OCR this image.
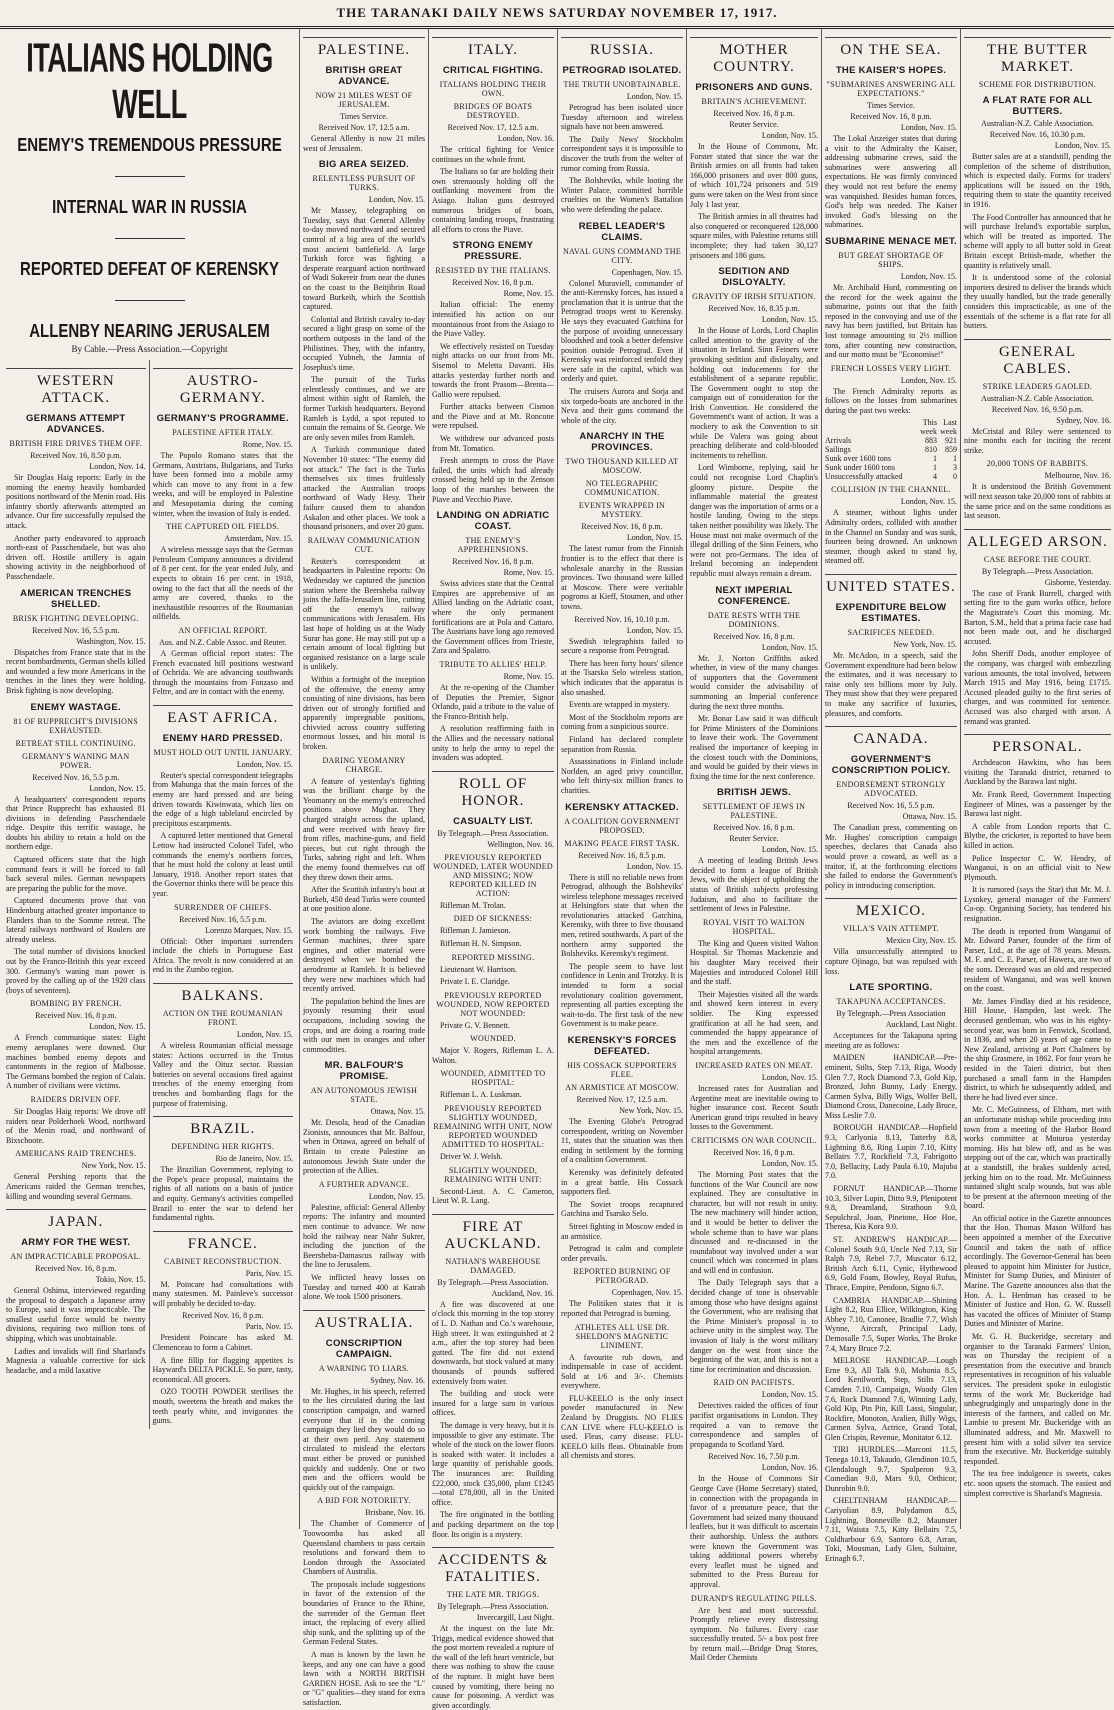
THE TARANAKI DAILY NEWS SATURDAY NOVEMBER 17, 1917.
ITALIANS HOLDING WELL
ENEMY'S TREMENDOUS PRESSURE
INTERNAL WAR IN RUSSIA
REPORTED DEFEAT OF KERENSKY
ALLENBY NEARING JERUSALEM
By Cable.—Press Association.—Copyright
WESTERN ATTACK.
GERMANS ATTEMPT ADVANCES.
BRITISH FIRE DRIVES THEM OFF.
Received Nov. 16, 8.50 p.m.
London, Nov. 14.

Sir Douglas Haig reports: Early in the morning the enemy heavily bombarded positions northward of the Menin road. His infantry shortly afterwards attempted an advance. Our fire successfully repulsed the attack.

Another party endeavored to approach north-east of Passchendaele, but was also driven off. Hostile artillery is again showing activity in the neighborhood of Passchendaele.

AMERICAN TRENCHES SHELLED.
BRISK FIGHTING DEVELOPING.
Received Nov. 16, 5.5 p.m.
Washington, Nov. 15.

Dispatches from France state that in the recent bombardments, German shells killed and wounded a few more Americans in the trenches in the lines they were holding. Brisk fighting is now developing.

ENEMY WASTAGE.
81 OF RUPPRECHT'S DIVISIONS EXHAUSTED.
RETREAT STILL CONTINUING.
GERMANY'S WANING MAN POWER.
Received Nov. 16, 5.5 p.m.
London, Nov. 15.

A headquarters' correspondent reports that Prince Rupprecht has exhausted 81 divisions in defending Passchendaele ridge. Despite this terrific wastage, he doubts his ability to retain a hold on the northern edge.

Captured officers state that the high command fears it will be forced to fall back several miles. German newspapers are preparing the public for the move.

Captured documents prove that von Hindenburg attached greater importance to Flanders than to the Somme retreat. The lateral railways northward of Roulers are already useless.

The total number of divisions knocked out by the Franco-British this year exceed 300. Germany's waning man power is proved by the calling up of the 1920 class (boys of seventeen).

BOMBING BY FRENCH.
Received Nov. 16, 8 p.m.
London, Nov. 15.

A French communique states: Eight enemy aeroplanes were downed. Our machines bombed enemy depots and cantonments in the region of Malbosse. The Germans bombed the region of Calais. A number of civilians were victims.

RAIDERS DRIVEN OFF.

Sir Douglas Haig reports: We drove off raiders near Polderhoek Wood, northward of the Menin road, and northward of Bixschoote.

AMERICANS RAID TRENCHES.
New York, Nov. 15.

General Pershing reports that the Americans raided the German trenches, killing and wounding several Germans.

JAPAN.
ARMY FOR THE WEST.
AN IMPRACTICABLE PROPOSAL.
Received Nov. 16, 8 p.m.
Tokio, Nov. 15.

General Oshima, interviewed regarding the proposal to despatch a Japanese army to Europe, said it was impracticable. The smallest useful force would be twenty divisions, requiring two million tons of shipping, which was unobtainable.

Ladies and invalids will find Sharland's Magnesia a valuable corrective for sick headache, and a mild laxative

AUSTRO-GERMANY.
GERMANY'S PROGRAMME.
PALESTINE AFTER ITALY.
Rome, Nov. 15.

The Popolo Romano states that the Germans, Austrians, Bulgarians, and Turks have been formed into a mobile army which can move to any front in a few weeks, and will be employed in Palestine and Mesopotamia during the coming winter, when the invasion of Italy is ended.

THE CAPTURED OIL FIELDS.
Amsterdam, Nov. 15.

A wireless message says that the German Petroleum Company announces a dividend of 8 per cent. for the year ended July, and expects to obtain 16 per cent. in 1918, owing to the fact that all the needs of the army are covered, thanks to the inexhaustible resources of the Roumanian oilfields.

AN OFFICIAL REPORT.
Aus. and N.Z. Cable Assoc. and Reuter.

A German official report states: The French evacuated hill positions westward of Ochrida. We are advancing southwards through the mountains from Fonzaso and Feltre, and are in contact with the enemy.

EAST AFRICA.
ENEMY HARD PRESSED.
MUST HOLD OUT UNTIL JANUARY.
London, Nov. 15.

Reuter's special correspondent telegraphs from Mahunga that the main forces of the enemy are hard pressed and are being driven towards Kiwinwata, which lies on the edge of a high tableland encircled by precipitous escarpments.

A captured letter mentioned that General Lettow had instructed Colonel Tafel, who commands the enemy's northern forces, that he must hold the colony at least until January, 1918. Another report states that the Governor thinks there will be peace this year.

SURRENDER OF CHIEFS.
Received Nov. 16, 5.5 p.m.
Lorenzo Marques, Nov. 15.

Official: Other important surrenders include the chiefs in Portuguese East Africa. The revolt is now considered at an end in the Zumbo region.

BALKANS.
ACTION ON THE ROUMANIAN FRONT.
London, Nov. 15.

A wireless Roumanian official message states: Actions occurred in the Trotus Valley and the Oituz sector. Russian batteries on several occasions fired against trenches of the enemy emerging from trenches and bombarding flags for the purpose of fraternising.

BRAZIL.
DEFENDING HER RIGHTS.
Rio de Janeiro, Nov. 15.

The Brazilian Government, replying to the Pope's peace proposal, maintains the rights of all nations on a basis of justice and equity. Germany's activities compelled Brazil to enter the war to defend her fundamental rights.

FRANCE.
CABINET RECONSTRUCTION.
Paris, Nov. 15.

M. Poincare had consultations with many statesmen. M. Painleve's successor will probably be decided to-day.

Received Nov. 16, 8 p.m.
Paris, Nov. 15.

President Poincare has asked M. Clemenceau to form a Cabinet.

A fine fillip for flagging appetites is Hayward's DELTA PICKLE. So pure, tasty, economical. All grocers.

OZO TOOTH POWDER sterilises the mouth, sweetens the breath and makes the teeth pearly white, and invigorates the gums.

PALESTINE.
BRITISH GREAT ADVANCE.
NOW 21 MILES WEST OF JERUSALEM.
Times Service.
Received Nov. 17, 12.5 a.m.

General Allenby is now 21 miles west of Jerusalem.

BIG AREA SEIZED.
RELENTLESS PURSUIT OF TURKS.
London, Nov. 15.

Mr Massey, telegraphing on Tuesday, says that General Allenby to-day moved northward and secured control of a big area of the world's most ancient battlefield. A large Turkish force was fighting a desperate rearguard action northward of Wadi Sukereir from near the dunes on the coast to the Beitjibrin Road toward Burkeih, which the Scottish captured.

Colonial and British cavalry to-day secured a light grasp on some of the northern outposts in the land of the Philistines. They, with the infantry, occupied Yubneh, the Jamnia of Josephus's time.

The pursuit of the Turks relentlessly continues, and we are almost within sight of Ramleh, the former Turkish headquarters. Beyond Ramleh is Lydd, a spot reputed to contain the remains of St. George. We are only seven miles from Ramleh.

A Turkish communique dated November 10 states: "The enemy did not attack." The fact is the Turks themselves six times fruitlessly attacked the Australian troops northward of Wady Hesy. Their failure caused them to abandon Askalon and other places. We took a thousand prisoners, and over 20 guns.

RAILWAY COMMUNICATION CUT.

Reuter's correspondent at headquarters in Palestine reports: On Wednesday we captured the junction station where the Beersheba railway joins the Jaffa-Jerusalem line, cutting off the enemy's railway communications with Jerusalem. His last hope of holding us at the Wady Surar has gone. He may still put up a certain amount of local fighting but organised resistance on a large scale is unlikely.

Within a fortnight of the inception of the offensive, the enemy army consisting of nine divisions, has been driven out of strongly fortified and apparently impregnable positions, chivvied across country suffering enormous losses, and his moral is broken.

DARING YEOMANRY CHARGE.

A feature of yesterday's fighting was the brilliant charge by the Yeomanry on the enemy's entrenched positions above Mughar. They charged straight across the upland, and were received with heavy fire from rifles, machine-guns, and field pieces, but cut right through the Turks, sabring right and left. When the enemy found themselves cut off they threw down their arms.

After the Scottish infantry's bout at Burkeh, 450 dead Turks were counted at one position alone.

The aviators are doing excellent work bombing the railways. Five German machines, three spare engines, and other material were destroyed when we bombed the aerodrome at Ramleh. It is believed they were new machines which had recently arrived.

The population behind the lines are joyously resuming their usual occupations, including sowing the crops, and are doing a roaring trade with our men in oranges and other commodities.

MR. BALFOUR'S PROMISE.
AN AUTONOMOUS JEWISH STATE.
Ottawa, Nov. 15.

Mr. Desola, head of the Canadian Zionists, announces that Mr. Balfour, when in Ottawa, agreed on behalf of Britain to create Palestine an autonomous Jewish State under the protection of the Allies.

A FURTHER ADVANCE.
London, Nov. 15.

Palestine, official: General Allenby reports: The infantry and mounted men continue to advance. We now hold the railway near Nahr Sukrer, including the junction of the Beersheba-Damascus railway with the line to Jerusalem.

We inflicted heavy losses on Tuesday and turned 400 at Katrah alone. We took 1500 prisoners.

AUSTRALIA.
CONSCRIPTION CAMPAIGN.
A WARNING TO LIARS.
Sydney, Nov. 16.

Mr. Hughes, in his speech, referred to the lies circulated during the last conscription campaign, and warned everyone that if in the coming campaign they lied they would do so at their own peril. Any statement circulated to mislead the electors must either be proved or punished quickly and suddenly. One or two men and the officers would be quickly out of the campaign.

A BID FOR NOTORIETY.
Brisbane, Nov. 16.

The Chamber of Commerce of Toowoomba has asked all Queensland chambers to pass certain resolutions and forward them to London through the Associated Chambers of Australia.

The proposals include suggestions in favor of the extension of the boundaries of France to the Rhine, the surrender of the German fleet intact, the replacing of every allied ship sunk, and the splitting up of the German Federal States.

A man is known by the lawn he keeps, and any one can have a good lawn with a NORTH BRITISH GARDEN HOSE. Ask to see the "L" or "G" qualities—they stand for extra satisfaction.

ITALY.
CRITICAL FIGHTING.
ITALIANS HOLDING THEIR OWN.
BRIDGES OF BOATS DESTROYED.
Received Nov. 17, 12.5 a.m.
London, Nov. 16.

The critical fighting for Venice continues on the whole front.

The Italians so far are holding their own strenuously holding off the outflanking movement from the Asiago. Italian guns destroyed numerous bridges of boats, containing landing troops, frustrating all efforts to cross the Piave.

STRONG ENEMY PRESSURE.
RESISTED BY THE ITALIANS.
Received Nov. 16, 8 p.m.
Rome, Nov. 15.

Italian official: The enemy intensified his action on our mountainous front from the Asiago to the Piave Valley.

We effectively resisted on Tuesday night attacks on our front from Mt. Sisemol to Meletta Davanti. His attacks yesterday further north and towards the front Prasom—Brenta—Gallio were repulsed.

Further attacks between Cismon and the Piave and at Mt. Roncone were repulsed.

We withdrew our advanced posts from Mt. Tomatico.

Fresh attempts to cross the Piave failed, the units which had already crossed being held up in the Zenson loop of the marshes between the Piave and Vecchio Piave.

LANDING ON ADRIATIC COAST.
THE ENEMY'S APPREHENSIONS.
Received Nov. 16, 8 p.m.
Rome, Nov. 15.

Swiss advices state that the Central Empires are apprehensive of an Allied landing on the Adriatic coast, where the only permanent fortifications are at Pola and Cattaro. The Austrians have long ago removed the Government offices from Trieste, Zara and Spalatro.

TRIBUTE TO ALLIES' HELP.
Rome, Nov. 15.

At the re-opening of the Chamber of Deputies the Premier, Signor Orlando, paid a tribute to the value of the Franco-British help.

A resolution reaffirming faith in the Allies and the necessary national unity to help the army to repel the invaders was adopted.

ROLL OF HONOR.
CASUALTY LIST.
By Telegraph.—Press Association.
Wellington, Nov. 16.
PREVIOUSLY REPORTED WOUNDED, LATER WOUNDED AND MISSING; NOW REPORTED KILLED IN ACTION:

Rifleman M. Trolan.

DIED OF SICKNESS:

Rifleman J. Jamieson.

Rifleman H. N. Simpson.

REPORTED MISSING.

Lieutenant W. Harrison.

Private I. E. Claridge.

PREVIOUSLY REPORTED WOUNDED, NOW REPORTED NOT WOUNDED:

Private G. V. Bennett.

WOUNDED.

Major V. Rogers, Rifleman L. A. Walton.

WOUNDED, ADMITTED TO HOSPITAL:

Rifleman L. A. Luskman.

PREVIOUSLY REPORTED SLIGHTLY WOUNDED, REMAINING WITH UNIT, NOW REPORTED WOUNDED ADMITTED TO HOSPITAL:

Driver W. J. Welsh.

SLIGHTLY WOUNDED, REMAINING WITH UNIT:

Second-Lieut. A. C. Cameron, Lieut W. R. Lang.

FIRE AT AUCKLAND.
NATHAN'S WAREHOUSE DAMAGED.
By Telegraph.—Press Association.
Auckland, Nov. 16.

A fire was discovered at one o'clock this morning in the top storey of L. D. Nathan and Co.'s warehouse, High street. It was extinguished at 2 a.m., after the top storey had been gutted. The fire did not extend downwards, but stock valued at many thousands of pounds suffered extensively from water.

The building and stock were insured for a large sum in various offices.

The damage is very heavy, but it is impossible to give any estimate. The whole of the stock on the lower floors is soaked with water. It includes a large quantity of perishable goods. The insurances are: Building £22,000, stock £35,000, plant £1245—total £78,000, all in the United office.

The fire originated in the bottling and packing department on the top floor. Its origin is a mystery.

ACCIDENTS & FATALITIES.
THE LATE MR. TRIGGS.
By Telegraph.—Press Association.
Invercargill, Last Night.

At the inquest on the late Mr. Triggs, medical evidence showed that the post mortem revealed a rupture of the wall of the left heart ventricle, but there was nothing to show the cause of the rupture. It might have been caused by vomiting, there being no cause for poisoning. A verdict was given accordingly.

RUSSIA.
PETROGRAD ISOLATED.
THE TRUTH UNOBTAINABLE.
London, Nov. 15.

Petrograd has been isolated since Tuesday afternoon and wireless signals have not been answered.

The Daily News' Stockholm correspondent says it is impossible to discover the truth from the welter of rumor coming from Russia.

The Bolsheviks, while looting the Winter Palace, committed horrible cruelties on the Women's Battalion who were defending the palace.

REBEL LEADER'S CLAIMS.
NAVAL GUNS COMMAND THE CITY.
Copenhagen, Nov. 15.

Colonel Muraviell, commander of the anti-Kerensky forces, has issued a proclamation that it is untrue that the Petrograd troops went to Kerensky. He says they evacuated Gatchina for the purpose of avoiding unnecessary bloodshed and took a better defensive position outside Petrograd. Even if Kerensky was reinforced tenfold they were safe in the capital, which was orderly and quiet.

The cruisers Aurora and Sorja and six torpedo-boats are anchored in the Neva and their guns command the whole of the city.

ANARCHY IN THE PROVINCES.
TWO THOUSAND KILLED AT MOSCOW.
NO TELEGRAPHIC COMMUNICATION.
EVENTS WRAPPED IN MYSTERY.
Received Nov. 16, 8 p.m.
London, Nov. 15.

The latest rumor from the Finnish frontier is to the effect that there is wholesale anarchy in the Russian provinces. Two thousand were killed at Moscow. There were veritable pogroms at Kieff, Stoumen, and other towns.

Received Nov. 16, 10.10 p.m.
London, Nov. 15.

Swedish telegraphists failed to secure a response from Petrograd.

There has been forty hours' silence at the Tsarsko Selo wireless station, which indicates that the apparatus is also smashed.

Events are wrapped in mystery.

Most of the Stockholm reports are coming from a suspicious source.

Finland has declared complete separation from Russia.

Assassinations in Finland include Norlden, an aged privy councillor, who left thirty-six million francs to charities.

KERENSKY ATTACKED.
A COALITION GOVERNMENT PROPOSED.
MAKING PEACE FIRST TASK.
Received Nov. 16, 8.5 p.m.
London, Nov. 15.

There is still no reliable news from Petrograd, although the Bolsheviks' wireless telephone messages received at Helsingfors state that when the revolutionaries attacked Gatchina, Kerensky, with three to five thousand men, retired southwards. A part of the northern army supported the Bolsheviks. Kerensky's regiment.

The people seem to have lost confidence in Lenin and Trotzky. It is intended to form a social revolutionary coalition government, representing all parties excepting the wait-to-do. The first task of the new Government is to make peace.

KERENSKY'S FORCES DEFEATED.
HIS COSSACK SUPPORTERS FLEE.
AN ARMISTICE AT MOSCOW.
Received Nov. 17, 12.5 a.m.
New York, Nov. 15.

The Evening Globe's Petrograd correspondent, writing on November 11, states that the situation was then ending in settlement by the forming of a coalition Government.

Kerensky was definitely defeated in a great battle. His Cossack supporters fled.

The Soviet troops recaptured Gatchina and Tsarsko Selo.

Street fighting in Moscow ended in an armistice.

Petrograd is calm and complete order prevails.

REPORTED BURNING OF PETROGRAD.
Copenhagen, Nov. 15.

The Politiken states that it is reported that Petrograd is burning.

ATHLETES ALL USE DR. SHELDON'S MAGNETIC LINIMENT.

A favourite rub down, and indispensable in case of accident. Sold at 1/6 and 3/-. Chemists everywhere.

FLU-KEELO is the only insect powder manufactured in New Zealand by Druggists. NO FLIES CAN LIVE where FLU-KEELO is used. Fleas, carry disease. FLU-KEELO kills fleas. Obtainable from all chemists and stores.

MOTHER COUNTRY.
PRISONERS AND GUNS.
BRITAIN'S ACHIEVEMENT.
Received Nov. 16, 8 p.m.
Reuter Service.
London, Nov. 15.

In the House of Commons, Mr. Forster stated that since the war the British armies on all fronts had taken 166,000 prisoners and over 800 guns, of which 101,724 prisoners and 519 guns were taken on the West front since July 1 last year.

The British armies in all theatres had also conquered or reconquered 128,000 square miles, with Palestine returns still incomplete; they had taken 30,127 prisoners and 186 guns.

SEDITION AND DISLOYALTY.
GRAVITY OF IRISH SITUATION.
Received Nov. 16, 8.35 p.m.
London, Nov. 15.

In the House of Lords, Lord Chaplin called attention to the gravity of the situation in Ireland. Sinn Feiners were provoking sedition and disloyalty, and holding out inducements for the establishment of a separate republic. The Government ought to stop the campaign out of consideration for the Irish Convention. He considered the Government's want of action. It was a mockery to ask the Convention to sit while De Valera was going about preaching deliberate and cold-blooded incitements to rebellion.

Lord Wimborne, replying, said he could not recognise Lord Chaplin's gloomy picture. Despite the inflammable material the greatest danger was the importation of arms or a hostile landing. Owing to the steps taken neither possibility was likely. The House must not make overmuch of the illegal drilling of the Sinn Feiners, who were not pro-Germans. The idea of Ireland becoming an independent republic must always remain a dream.

NEXT IMPERIAL CONFERENCE.
DATE RESTS WITH THE DOMINIONS.
Received Nov. 16, 8 p.m.
London, Nov. 15.

Mr. J. Norton Griffiths asked whether, in view of the many changes of supporters that the Government would consider the advisability of summoning an Imperial conference during the next three months.

Mr. Bonar Law said it was difficult for Prime Ministers of the Dominions to leave their work. The Government realised the importance of keeping in the closest touch with the Dominions, and would be guided by their views in fixing the time for the next conference.

BRITISH JEWS.
SETTLEMENT OF JEWS IN PALESTINE.
Received Nov. 16, 8 p.m.
Reuter Service.
London, Nov. 15.

A meeting of leading British Jews decided to form a league of British Jews, with the object of upholding the status of British subjects professing Judaism, and also to facilitate the settlement of Jews in Palestine.

ROYAL VISIT TO WALTON HOSPITAL.

The King and Queen visited Walton Hospital. Sir Thomas Mackenzie and his daughter Mary received their Majesties and introduced Colonel Hill and the staff.

Their Majesties visited all the wards and showed keen interest in every soldier. The King expressed gratification at all he had seen, and commended the happy appearance of the men and the excellence of the hospital arrangements.

INCREASED RATES ON MEAT.
London, Nov. 15.

Increased rates for Australian and Argentine meat are inevitable owing to higher insurance cost. Recent South American grand trips resulted in heavy losses to the Government.

CRITICISMS ON WAR COUNCIL.
Received Nov. 16, 8 p.m.
London, Nov. 15.

The Morning Post states that the functions of the War Council are now explained. They are consultative in character, but will not result in unity. The new machinery will hinder action, and it would be better to deliver the whole scheme than to have war plans discussed and re-discussed in the roundabout way involved under a war council which was concerned in plans and will end in confusion.

The Daily Telegraph says that a decided change of tone is observable among those who have designs against the Government, who are realising that the Prime Minister's proposal is to achieve unity in the simplest way. The invasion of Italy is the worst military danger on the west front since the beginning of the war, and this is not a time for recrimination and discussion.

RAID ON PACIFISTS.
London, Nov. 15.

Detectives raided the offices of four pacifist organisations in London. They required a van to remove the correspondence and samples of propaganda to Scotland Yard.

Received Nov. 16, 7.50 p.m.
London, Nov. 16.

In the House of Commons Sir George Cave (Home Secretary) stated, in connection with the propaganda in favor of a premature peace, that the Government had seized many thousand leaflets, but it was difficult to ascertain their authorship. Unless the authors were known the Government was taking additional powers whereby every leaflet must be signed and submitted to the Press Bureau for approval.

DURAND'S REGULATING PILLS.

Are best and most successful. Promptly relieve every distressing symptom. No failures. Every case successfully treated. 5/- a box post free by return mail.—Bridge Drug Stores, Mail Order Chemists

ON THE SEA.
THE KAISER'S HOPES.
"SUBMARINES ANSWERING ALL EXPECTATIONS."
Times Service.
Received Nov. 16, 8 p.m.
London, Nov. 15.

The Lokal Anzeiger states that during a visit to the Admiralty the Kaiser, addressing submarine crews, said the submarines were answering all expectations. He was firmly convinced they would not rest before the enemy was vanquished. Besides human forces, God's help was needed. The Kaiser invoked God's blessing on the submarines.

SUBMARINE MENACE MET.
BUT GREAT SHORTAGE OF SHIPS.
London, Nov. 15.

Mr. Archibald Hurd, commenting on the record for the week against the submarine, points out that the faith reposed in the convoying and use of the navy has been justified, but Britain has lost tonnage amounting to 2½ million tons, after counting new construction, and our motto must be "Economise!"

FRENCH LOSSES VERY LIGHT.
London, Nov. 15.

The French Admiralty reports as follows on the losses from submarines during the past two weeks:

	This	Last
	week	week
Arrivals	883	921
Sailings	810	859
Sunk over 1600 tons	1	1
Sunk under 1600 tons	1	3
Unsuccessfully attacked	4	0
COLLISION IN THE CHANNEL.
London, Nov. 15.

A steamer, without lights under Admiralty orders, collided with another in the Channel on Sunday and was sunk, fourteen being drowned. An unknown steamer, though asked to stand by, steamed off.

UNITED STATES.
EXPENDITURE BELOW ESTIMATES.
SACRIFICES NEEDED.
New York, Nov. 15.

Mr. McAdoo, in a speech, said the Government expenditure had been below the estimates, and it was necessary to raise only ten billions more by July. They must show that they were prepared to make any sacrifice of luxuries, pleasures, and comforts.

CANADA.
GOVERNMENT'S CONSCRIPTION POLICY.
ENDORSEMENT STRONGLY ADVOCATED.
Received Nov. 16, 5.5 p.m.
Ottawa, Nov. 15.

The Canadian press, commenting on Mr. Hughes' conscription campaign speeches, declares that Canada also would prove a coward, as well as a traitor, if, at the forthcoming elections she failed to endorse the Government's policy in introducing conscription.

MEXICO.
VILLA'S VAIN ATTEMPT.
Mexico City, Nov. 15.

Villa unsuccessfully attempted to capture Ojinago, but was repulsed with loss.

LATE SPORTING.
TAKAPUNA ACCEPTANCES.
By Telegraph.—Press Association
Auckland, Last Night.

Acceptances for the Takapuna spring meeting are as follows:

MAIDEN HANDICAP.—Pre-eminent, Stilts, Step 7.13, Riga, Woody Glen 7.7, Rock Diamond 7.3, Gold Kip, Bronzed, John Bunny, Lady Energy, Carmen Sylva, Billy Wigs, Wolfer Bell, Diamond Cross, Danecoine, Lady Bruce, Miss Leslie 7.0.

BOROUGH HANDICAP.—Hopfield 9.3, Carlyonia 8.13, Tatterby 8.8, Lightning 8.6, Ring Lupin 7.10, Kitty Bellairs 7.7, Rockfield 7.3, Fabrigotto 7.0, Bellacity, Lady Paula 6.10, Majuba 7.0.

FORNUT HANDICAP.—Thorne 10.3, Silver Lupin, Ditto 9.9, Plenipotent 9.8, Dreamland, Strathoun 9.0, Sepulchral, Joan, Pinetone, Hoe Hoe, Theresa, Kia Kora 9.0.

ST. ANDREW'S HANDICAP.—Colonel South 9.0, Uncle Ned 7.13, Sir Ralph 7.9, Rebel 7.7, Muscator 6.12, British Arch 6.11, Cynic, Hythewood 6.9, Gold Foam, Bowley, Royal Rufus, Thrace, Empire, Pendoon, Signo 6.7.

CAMBRIA HANDICAP.—Shining Light 8.2, Rua Ellice, Wilkington, King Abbey 7.10, Canonee, Bradlie 7.7, Wish Wynne, Aircraft, Principal Lady, Demosalle 7.5, Super Works, The Broke 7.4, Mary Bruce 7.2.

MELROSE HANDICAP.—Lough Erne 9.3, All Talk 9.0, Mohonia 8.5, Lord Kenilworth, Step, Stilts 7.13, Camden 7.10, Campaign, Woody Glen 7.6, Rock Diamond 7.6, Winning Lady, Gold Kip, Pin Pin, Kill Lassi, Singular, Rockfire, Monoton, Aralien, Billy Wigs, Carmen Sylva, Actrice, Grand Total, Glen Crispin, Revenue, Monitator 6.12.

TIRI HURDLES.—Marconi 11.5, Tenega 10.13, Takaudo, Glendinon 10.5, Glendalough 9.7, Spulperon 9.3, Comedian 9.0, Mars 9.0, Orthicor, Dunrobin 9.0.

CHELTENHAM HANDICAP.—Cariyolian 8.9, Polydamon 8.5, Lightning, Bonneville 8.2, Maunster 7.11, Waiuta 7.5, Kitty Bellairs 7.5, Coldharbour 6.9, Santoro 6.8, Arran, Toki, Mousman, Lady Glen, Sultaine, Erinagh 6.7.

THE BUTTER MARKET.
SCHEME FOR DISTRIBUTION.
A FLAT RATE FOR ALL BUTTERS.
Australian-N.Z. Cable Association.
Received Nov. 16, 10.30 p.m.
London, Nov. 15.

Butter sales are at a standstill, pending the completion of the scheme of distribution, which is expected daily. Forms for traders' applications will be issued on the 19th, requiring them to state the quantity received in 1916.

The Food Controller has announced that he will purchase Ireland's exportable surplus, which will be treated as imported. The scheme will apply to all butter sold in Great Britain except British-made, whether the quantity is relatively small.

It is understood some of the colonial importers desired to deliver the brands which they usually handled, but the trade generally considers this impracticable, as one of the essentials of the scheme is a flat rate for all butters.

GENERAL CABLES.
STRIKE LEADERS GAOLED.
Australian-N.Z. Cable Association.
Received Nov. 16, 9.50 p.m.
Sydney, Nov. 16.

McCristal and Riley were sentenced to nine months each for inciting the recent strike.

20,000 TONS OF RABBITS.
Melbourne, Nov. 16.

It is understood the British Government will next season take 20,000 tons of rabbits at the same price and on the same conditions as last season.

ALLEGED ARSON.
CASE BEFORE THE COURT.
By Telegraph.—Press Association.
Gisborne, Yesterday.

The case of Frank Burrell, charged with setting fire to the gum works office, before the Magistrate's Court this morning. Mr. Barton, S.M., held that a prima facie case had not been made out, and he discharged accused.

John Sheriff Dods, another employee of the company, was charged with embezzling various amounts, the total involved, between March 1915 and May 1916, being £1715. Accused pleaded guilty to the first series of charges, and was committed for sentence. Accused was also charged with arson. A remand was granted.

PERSONAL.

Archdeacon Hawkins, who has been visiting the Taranaki district, returned to Auckland by the Barawa last night.

Mr. Frank Reed, Government Inspecting Engineer of Mines, was a passenger by the Barawa last night.

A cable from London reports that C. Blythe, the cricketer, is reported to have been killed in action.

Police Inspector C. W. Hendry, of Wanganui, is on an official visit to New Plymouth.

It is rumored (says the Star) that Mr. M. J. Lysnkey, general manager of the Farmers' Co-op. Organising Society, has tendered his resignation.

The death is reported from Wanganui of Mr. Edward Parser, founder of the firm of Parser, Ltd., at the age of 78 years. Messrs. M. F. and C. E. Parser, of Hawera, are two of the sons. Deceased was an old and respected resident of Wanganui, and was well known on the coast.

Mr. James Findlay died at his residence, Hill House, Hampden, last week. The deceased gentleman, who was in his eighty-second year, was born in Fenwick, Scotland, in 1836, and when 20 years of age came to New Zealand, arriving at Port Chalmers by the ship Grasmere, in 1862. For four years he resided in the Taieri district, but then purchased a small farm in the Hampden district, to which he subsequently added, and there he had lived ever since.

Mr. C. McGuinness, of Eltham, met with an unfortunate mishap while proceeding into town from a meeting of the Harbor Board works committee at Moturoa yesterday morning. His hat blew off, and as he was stepping out of the car, which was practically at a standstill, the brakes suddenly acted, jerking him on to the road. Mr. McGuinness sustained slight scalp wounds, but was able to be present at the afternoon meeting of the board.

An official notice in the Gazette announces that the Hon. Thomas Mason Wilford has been appointed a member of the Executive Council and taken the oath of office accordingly. The Governor-General has been pleased to appoint him Minister for Justice, Minister for Stamp Duties, and Minister of Marine. The Gazette announces also that the Hon. A. L. Herdman has ceased to be Minister of Justice and Hon. G. W. Russell has vacated the offices of Minister of Stamp Duties and Minister of Marine.

Mr. G. H. Buckeridge, secretary and organiser to the Taranaki Farmers' Union, was on Thursday the recipient of a presentation from the executive and branch representatives in recognition of his valuable services. The president spoke in eulogistic terms of the work Mr. Buckeridge had unbegrudgingly and unsparingly done in the interests of the farmers, and called on Mr. Lambie to present Mr. Buckeridge with an illuminated address, and Mr. Maxwell to present him with a solid silver tea service from the executive. Mr. Buckeridge suitably responded.

The tea free indulgence is sweets, cakes etc. soon upsets the stomach. The easiest and simplest corrective is Sharland's Magnesia.
